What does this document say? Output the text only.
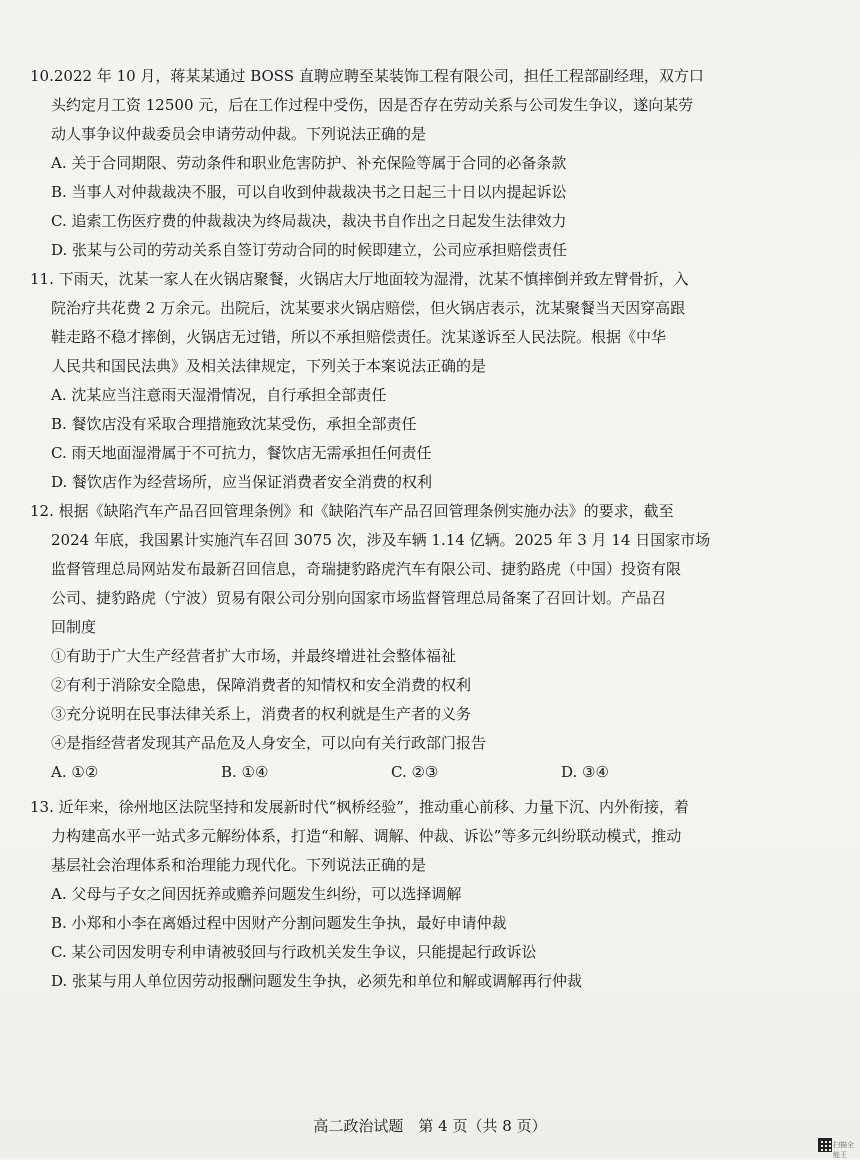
10.2022 年 10 月，蒋某某通过 BOSS 直聘应聘至某装饰工程有限公司，担任工程部副经理，双方口

头约定月工资 12500 元，后在工作过程中受伤，因是否存在劳动关系与公司发生争议，遂向某劳

动人事争议仲裁委员会申请劳动仲裁。下列说法正确的是

A. 关于合同期限、劳动条件和职业危害防护、补充保险等属于合同的必备条款

B. 当事人对仲裁裁决不服，可以自收到仲裁裁决书之日起三十日以内提起诉讼

C. 追索工伤医疗费的仲裁裁决为终局裁决，裁决书自作出之日起发生法律效力

D. 张某与公司的劳动关系自签订劳动合同的时候即建立，公司应承担赔偿责任

11. 下雨天，沈某一家人在火锅店聚餐，火锅店大厅地面较为湿滑，沈某不慎摔倒并致左臂骨折，入

院治疗共花费 2 万余元。出院后，沈某要求火锅店赔偿，但火锅店表示，沈某聚餐当天因穿高跟

鞋走路不稳才摔倒，火锅店无过错，所以不承担赔偿责任。沈某遂诉至人民法院。根据《中华

人民共和国民法典》及相关法律规定，下列关于本案说法正确的是

A. 沈某应当注意雨天湿滑情况，自行承担全部责任

B. 餐饮店没有采取合理措施致沈某受伤，承担全部责任

C. 雨天地面湿滑属于不可抗力，餐饮店无需承担任何责任

D. 餐饮店作为经营场所，应当保证消费者安全消费的权利

12. 根据《缺陷汽车产品召回管理条例》和《缺陷汽车产品召回管理条例实施办法》的要求，截至

2024 年底，我国累计实施汽车召回 3075 次，涉及车辆 1.14 亿辆。2025 年 3 月 14 日国家市场

监督管理总局网站发布最新召回信息，奇瑞捷豹路虎汽车有限公司、捷豹路虎（中国）投资有限

公司、捷豹路虎（宁波）贸易有限公司分别向国家市场监督管理总局备案了召回计划。产品召

回制度

①有助于广大生产经营者扩大市场，并最终增进社会整体福祉

②有利于消除安全隐患，保障消费者的知情权和安全消费的权利

③充分说明在民事法律关系上，消费者的权利就是生产者的义务

④是指经营者发现其产品危及人身安全，可以向有关行政部门报告

A. ①②	B. ①④	C. ②③	D. ③④

13. 近年来，徐州地区法院坚持和发展新时代“枫桥经验”，推动重心前移、力量下沉、内外衔接，着

力构建高水平一站式多元解纷体系，打造“和解、调解、仲裁、诉讼”等多元纠纷联动模式，推动

基层社会治理体系和治理能力现代化。下列说法正确的是

A. 父母与子女之间因抚养或赡养问题发生纠纷，可以选择调解

B. 小郑和小李在离婚过程中因财产分割问题发生争执，最好申请仲裁

C. 某公司因发明专利申请被驳回与行政机关发生争议，只能提起行政诉讼

D. 张某与用人单位因劳动报酬问题发生争执，必须先和单位和解或调解再行仲裁

高二政治试题　第 4 页（共 8 页）
扫描全能王
